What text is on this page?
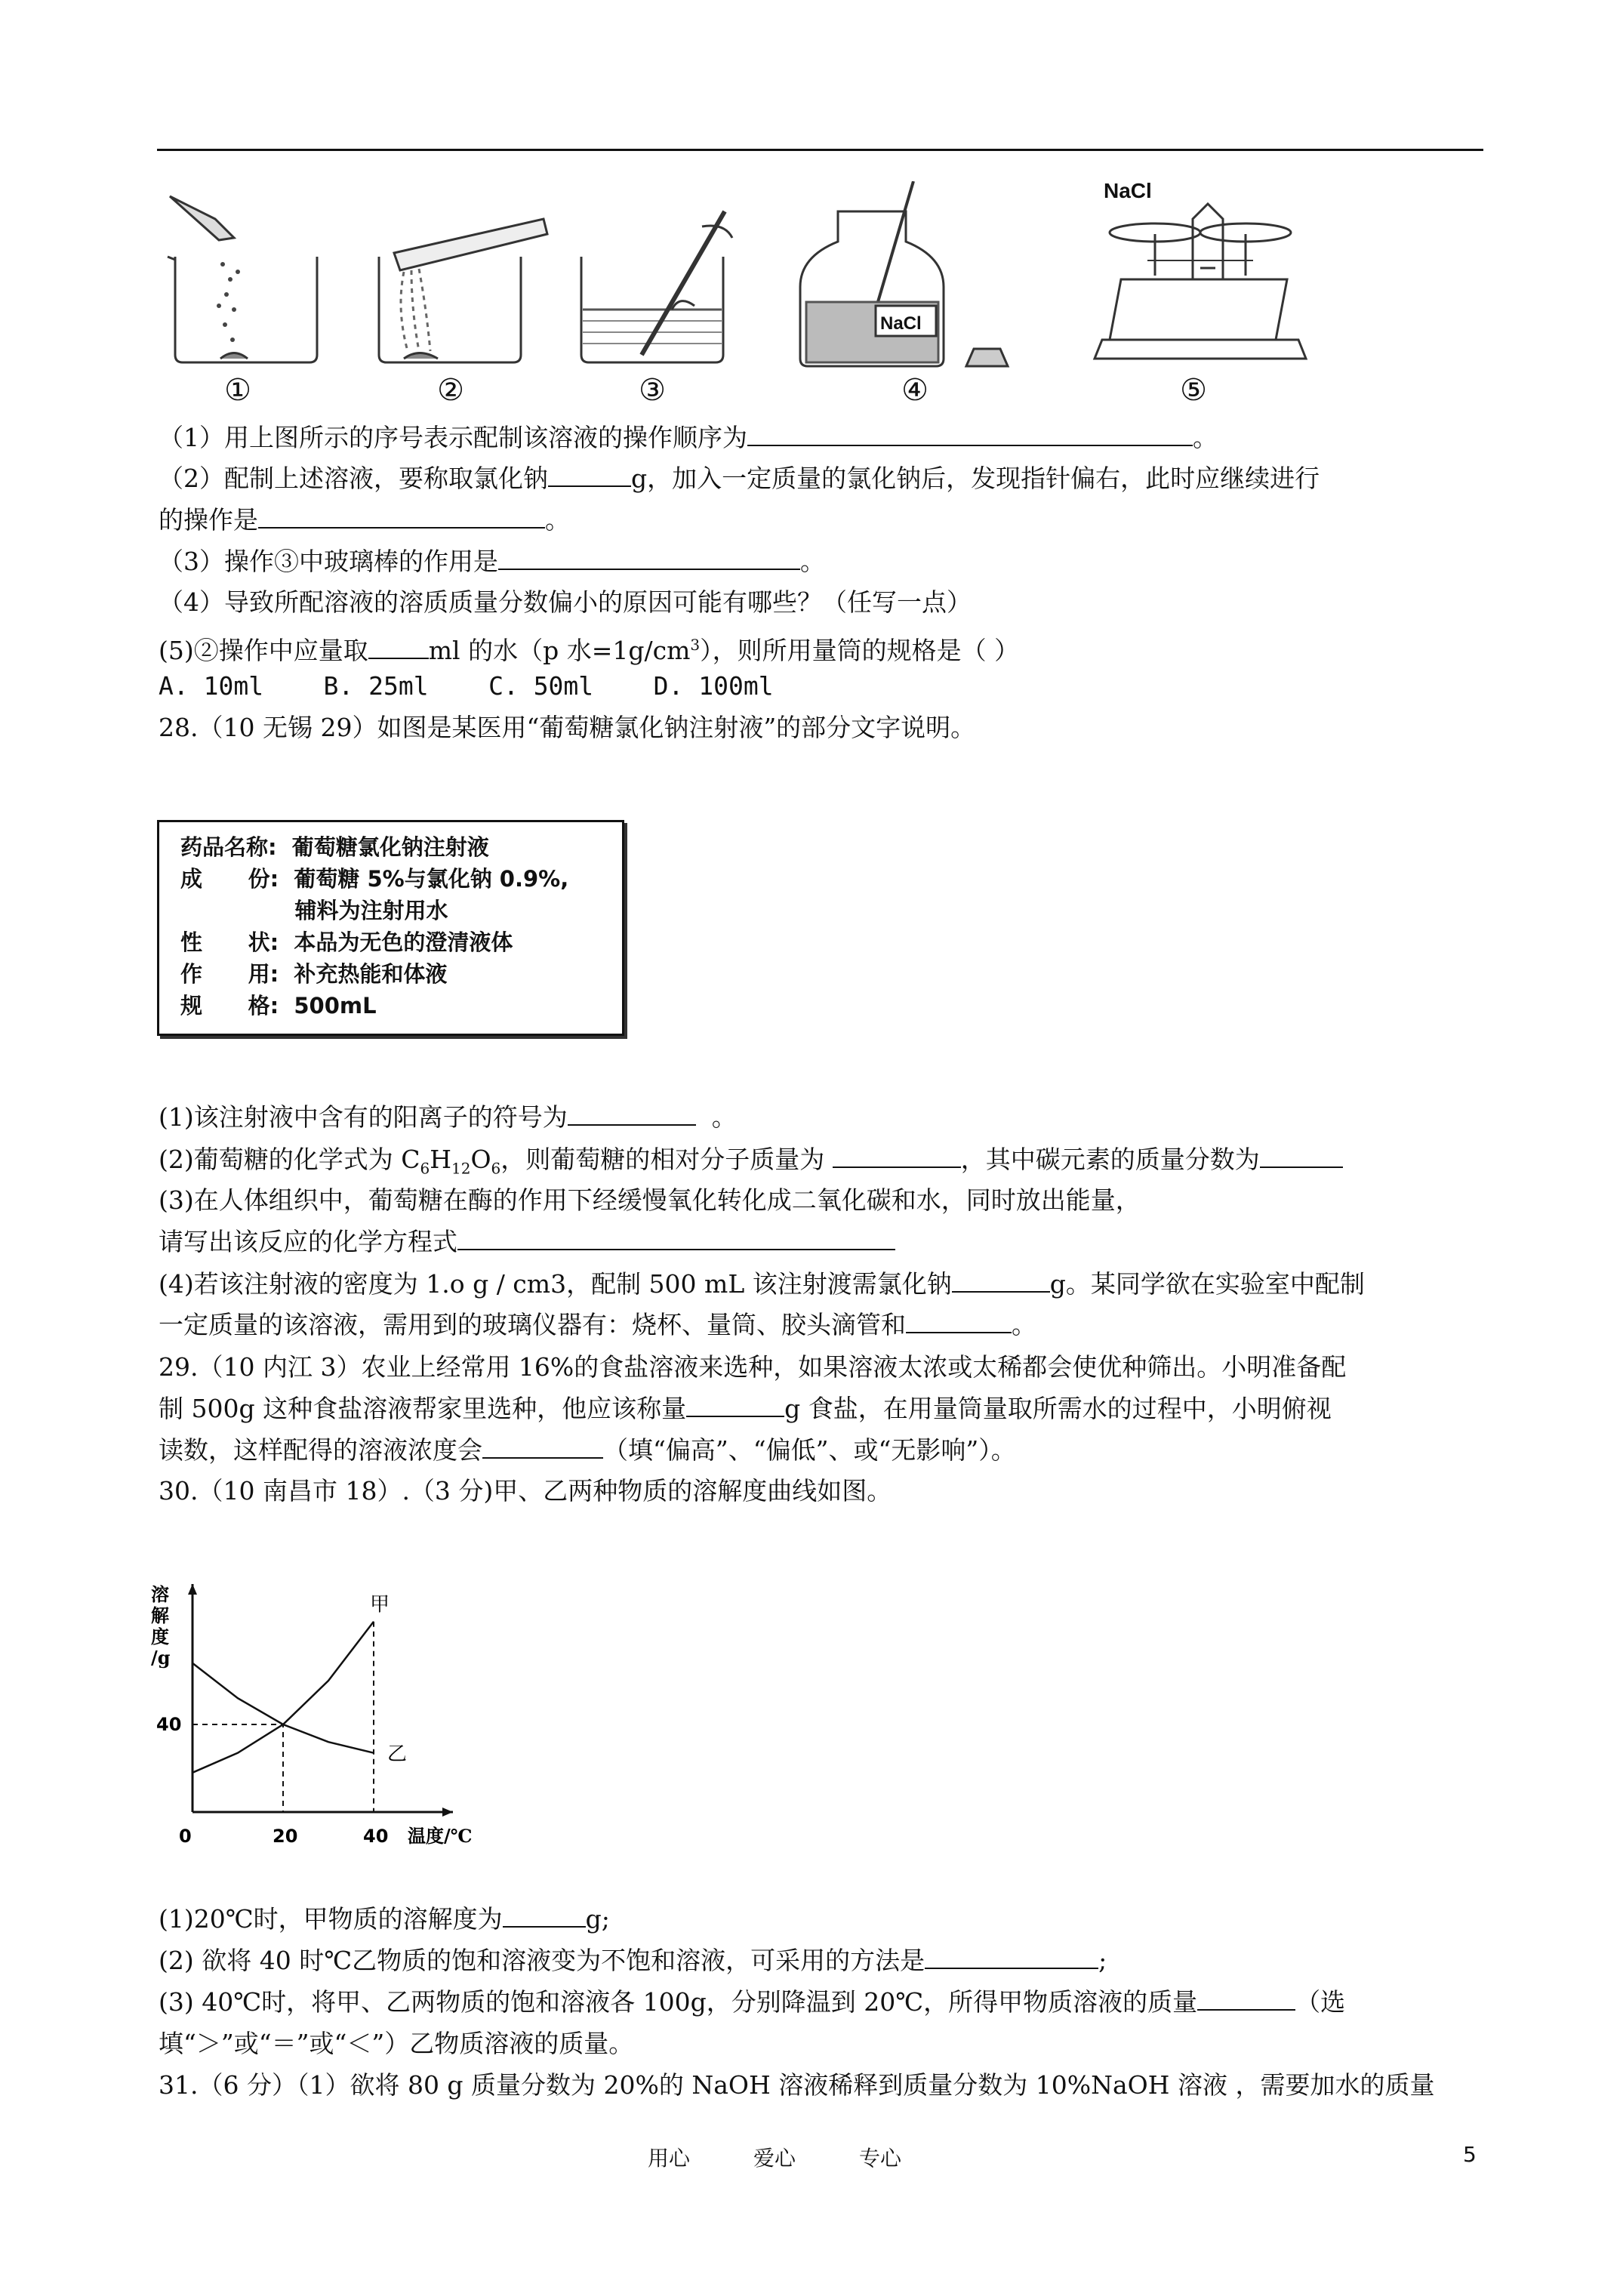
NaCl
NaCl
①	②	③	④	⑤
（1）用上图所示的序号表示配制该溶液的操作顺序为	。
（2）配制上述溶液，要称取氯化钠	g，加入一定质量的氯化钠后，发现指针偏右，此时应继续进行
的操作是	。
（3）操作③中玻璃棒的作用是	。
（4）导致所配溶液的溶质质量分数偏小的原因可能有哪些？（任写一点）
(5)②操作中应量取 ml 的水（p 水$=1g/cm^3$），则所用量筒的规格是（ ）
A. 10ml    B. 25ml    C. 50ml    D. 100ml
28.（10 无锡 29）如图是某医用“葡萄糖氯化钠注射液”的部分文字说明。
药品名称:  葡萄糖氯化钠注射液
成      份:  葡萄糖 5%与氯化钠 0.9%,
辅料为注射用水
性      状:  本品为无色的澄清液体
作      用:  补充热能和体液
规      格:  500mL
(1)该注射液中含有的阳离子的符号为	。
(2)葡萄糖的化学式为 $C_6H_{12}O_6$，则葡萄糖的相对分子质量为	，其中碳元素的质量分数为
(3)在人体组织中，葡萄糖在酶的作用下经缓慢氧化转化成二氧化碳和水，同时放出能量，
请写出该反应的化学方程式
(4)若该注射液的密度为 1.o g / cm3，配制 500 mL 该注射渡需氯化钠	g。某同学欲在实验室中配制
一定质量的该溶液，需用到的玻璃仪器有：烧杯、量筒、胶头滴管和	。
29.（10 内江 3）农业上经常用 16%的食盐溶液来选种，如果溶液太浓或太稀都会使优种筛出。小明准备配
制 500g 这种食盐溶液帮家里选种，他应该称量	g 食盐，在用量筒量取所需水的过程中，小明俯视
读数，这样配得的溶液浓度会	（填“偏高”、“偏低”、或“无影响”）。
30.（10 南昌市 18）.（3 分)甲、乙两种物质的溶解度曲线如图。
溶
解
度
/g
温度/℃
0	20	40
40
甲
乙
(1)20℃时，甲物质的溶解度为	g;
(2) 欲将 40 时℃乙物质的饱和溶液变为不饱和溶液，可采用的方法是	;
(3) 40℃时，将甲、乙两物质的饱和溶液各 100g，分别降温到 20℃，所得甲物质溶液的质量	（选
填“＞”或“＝”或“＜”）乙物质溶液的质量。
31.（6 分）（1）欲将 80 g 质量分数为 20%的 NaOH 溶液稀释到质量分数为 10%NaOH 溶液 ，需要加水的质量
用心　　　爱心　　　专心	5
